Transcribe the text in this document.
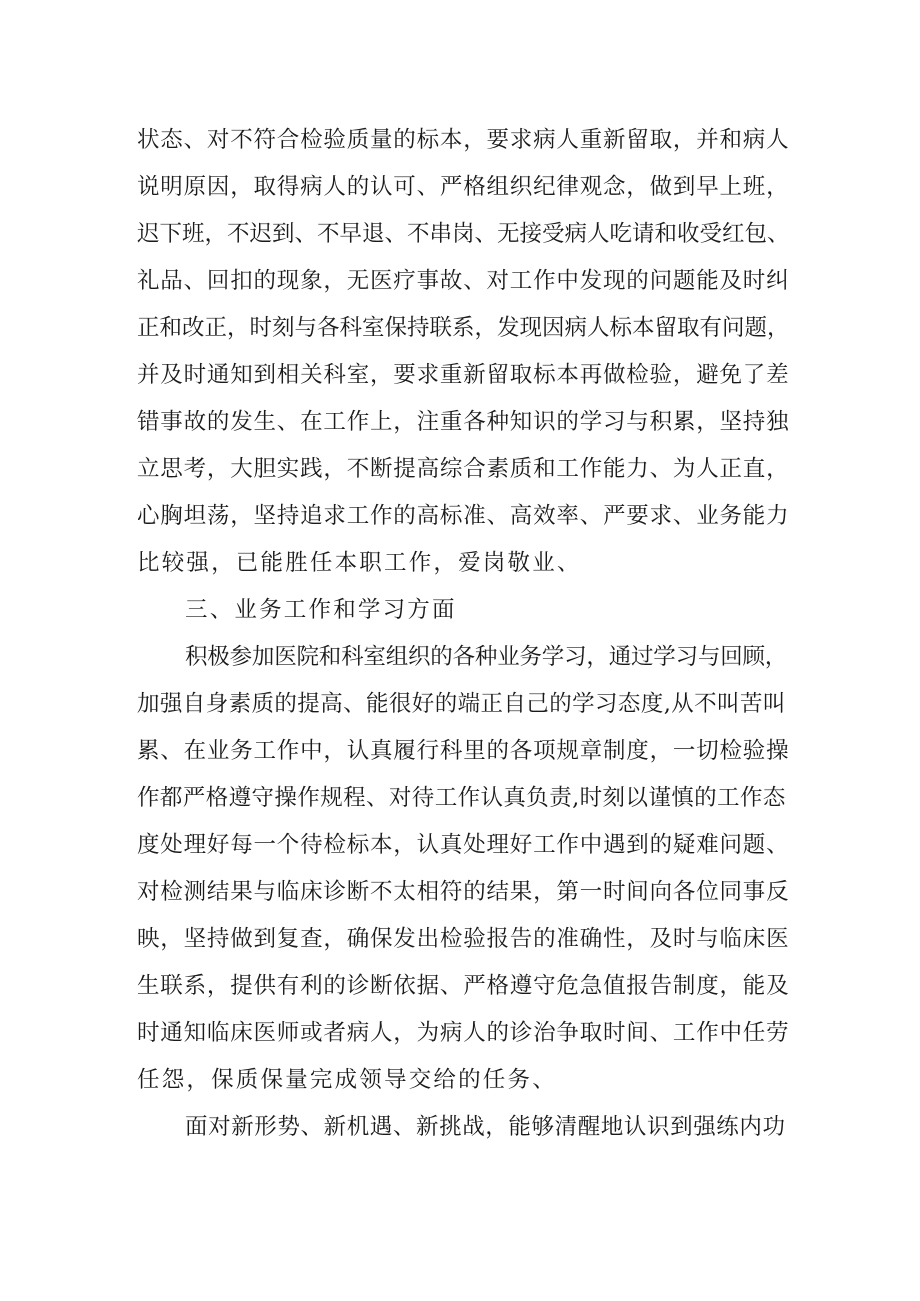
状态、对不符合检验质量的标本，要求病人重新留取，并和病人
说明原因，取得病人的认可、严格组织纪律观念，做到早上班，
迟下班，不迟到、不早退、不串岗、无接受病人吃请和收受红包、
礼品、回扣的现象，无医疗事故、对工作中发现的问题能及时纠
正和改正，时刻与各科室保持联系，发现因病人标本留取有问题，
并及时通知到相关科室，要求重新留取标本再做检验，避免了差
错事故的发生、在工作上，注重各种知识的学习与积累，坚持独
立思考，大胆实践，不断提高综合素质和工作能力、为人正直，
心胸坦荡，坚持追求工作的高标准、高效率、严要求、业务能力
比较强，已能胜任本职工作，爱岗敬业、
三、业务工作和学习方面
积极参加医院和科室组织的各种业务学习，通过学习与回顾，
加强自身素质的提高、能很好的端正自己的学习态度,从不叫苦叫
累、在业务工作中，认真履行科里的各项规章制度，一切检验操
作都严格遵守操作规程、对待工作认真负责,时刻以谨慎的工作态
度处理好每一个待检标本，认真处理好工作中遇到的疑难问题、
对检测结果与临床诊断不太相符的结果，第一时间向各位同事反
映，坚持做到复查，确保发出检验报告的准确性，及时与临床医
生联系，提供有利的诊断依据、严格遵守危急值报告制度，能及
时通知临床医师或者病人，为病人的诊治争取时间、工作中任劳
任怨，保质保量完成领导交给的任务、
面对新形势、新机遇、新挑战，能够清醒地认识到强练内功
